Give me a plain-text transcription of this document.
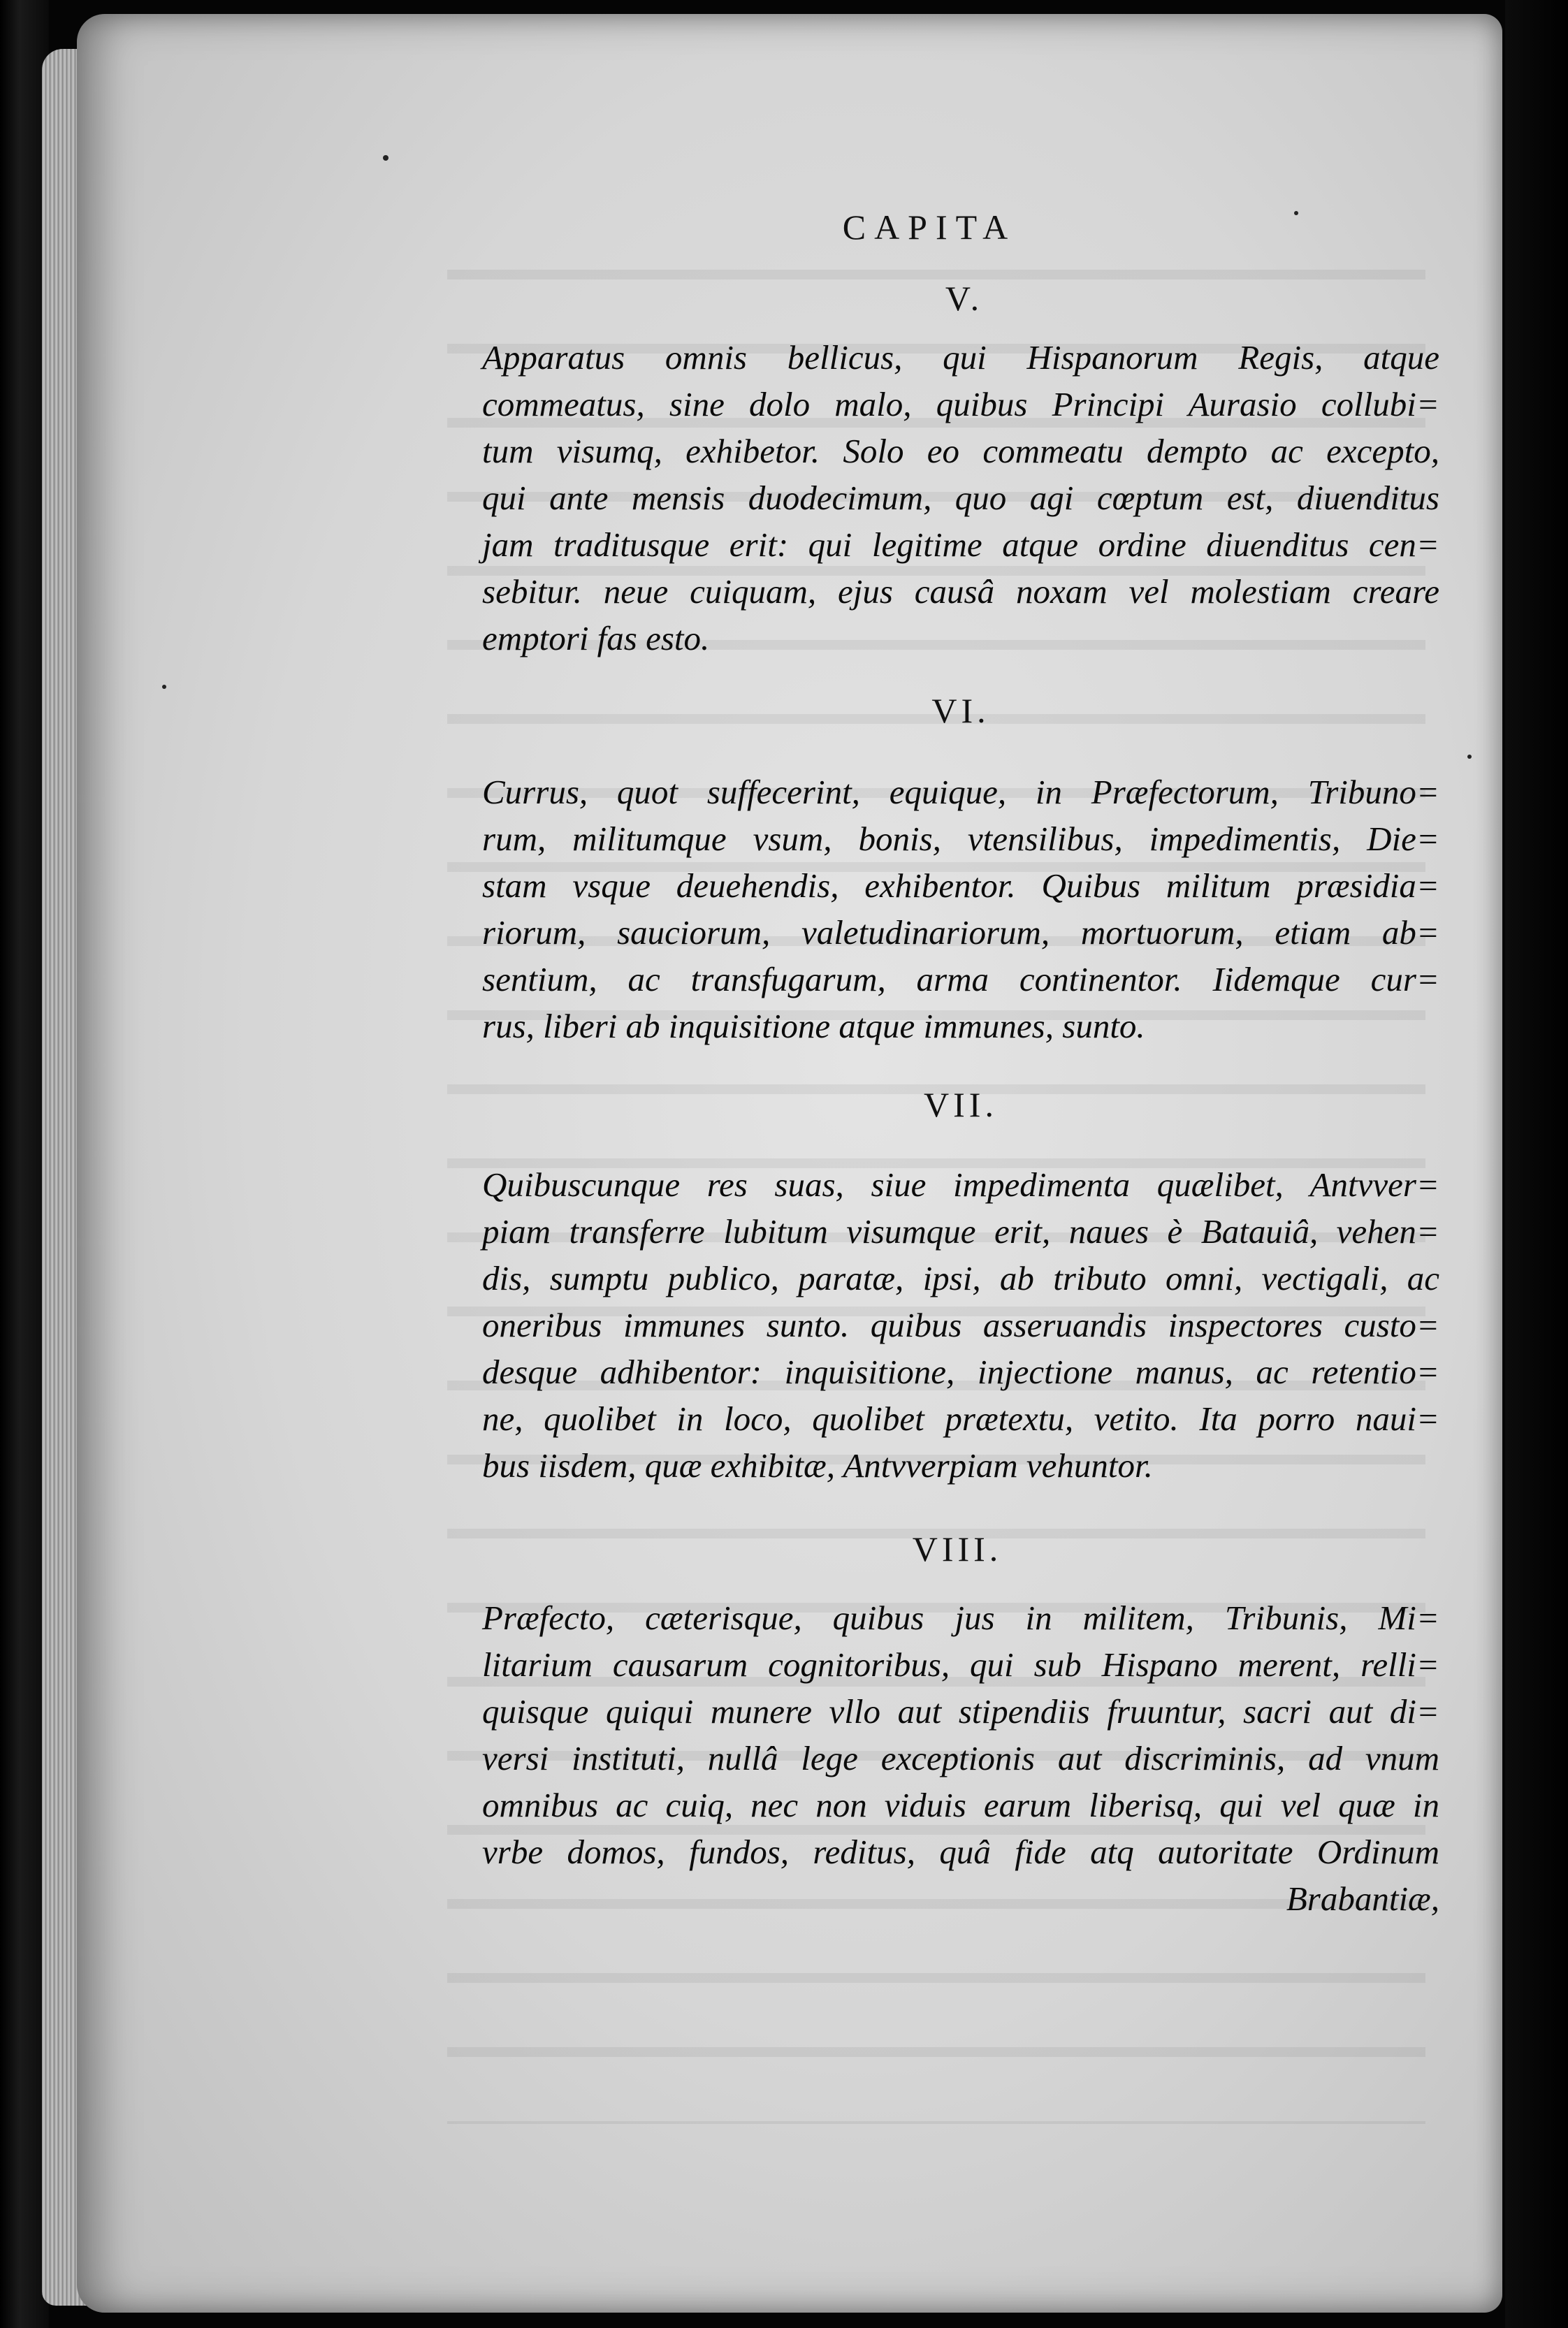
CAPITA
V.
Apparatus omnis bellicus, qui Hispanorum Regis, atque
commeatus, sine dolo malo, quibus Principi Aurasio collubi=
tum visumq, exhibetor. Solo eo commeatu dempto ac excepto,
qui ante mensis duodecimum, quo agi cœptum est, diuenditus
jam traditusque erit: qui legitime atque ordine diuenditus cen=
sebitur. neue cuiquam, ejus causâ noxam vel molestiam creare
emptori fas esto.
VI.
Currus, quot suffecerint, equique, in Præfectorum, Tribuno=
rum, militumque vsum, bonis, vtensilibus, impedimentis, Die=
stam vsque deuehendis, exhibentor. Quibus militum præsidia=
riorum, sauciorum, valetudinariorum, mortuorum, etiam ab=
sentium, ac transfugarum, arma continentor. Iidemque cur=
rus, liberi ab inquisitione atque immunes, sunto.
VII.
Quibuscunque res suas, siue impedimenta quælibet, Antvver=
piam transferre lubitum visumque erit, naues è Batauiâ, vehen=
dis, sumptu publico, paratæ, ipsi, ab tributo omni, vectigali, ac
oneribus immunes sunto. quibus asseruandis inspectores custo=
desque adhibentor: inquisitione, injectione manus, ac retentio=
ne, quolibet in loco, quolibet prætextu, vetito. Ita porro naui=
bus iisdem, quæ exhibitæ, Antvverpiam vehuntor.
VIII.
Præfecto, cæterisque, quibus jus in militem, Tribunis, Mi=
litarium causarum cognitoribus, qui sub Hispano merent, relli=
quisque quiqui munere vllo aut stipendiis fruuntur, sacri aut di=
versi instituti, nullâ lege exceptionis aut discriminis, ad vnum
omnibus ac cuiq, nec non viduis earum liberisq, qui vel quæ in
vrbe domos, fundos, reditus, quâ fide atq autoritate Ordinum
Brabantiæ,
